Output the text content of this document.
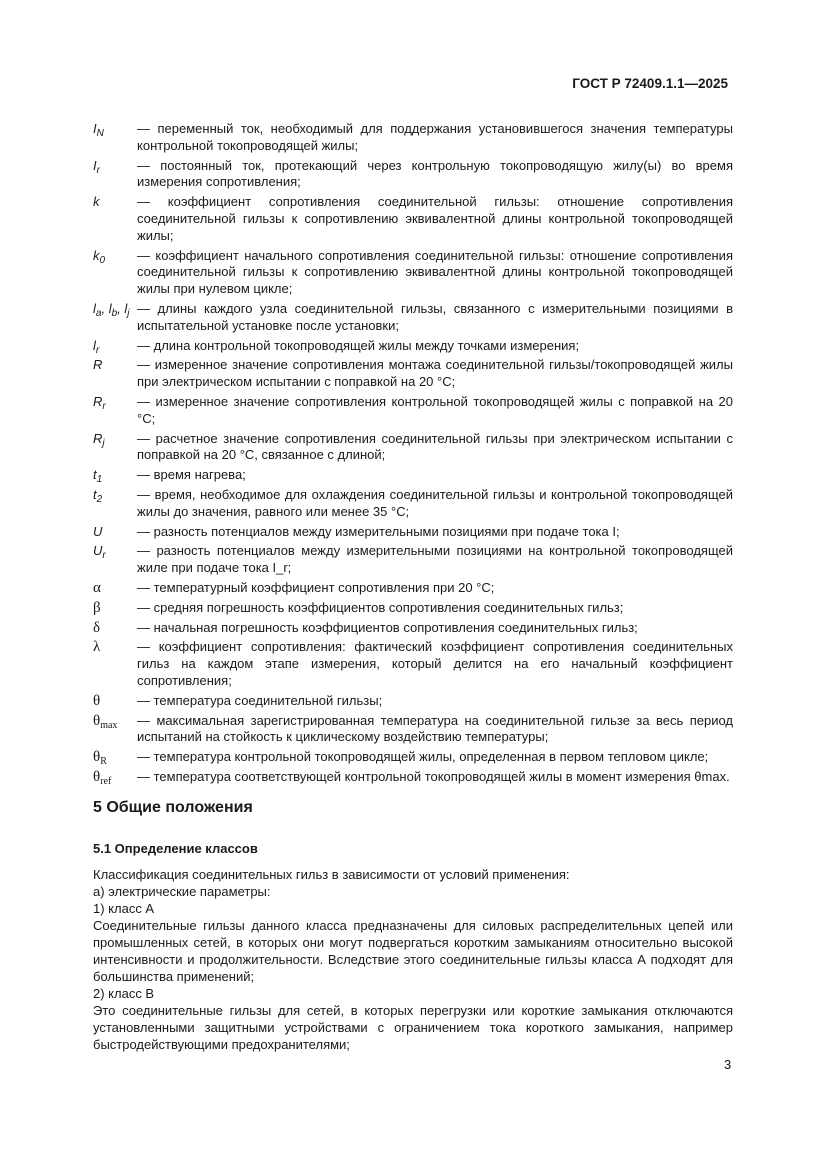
ГОСТ Р 72409.1.1—2025
$I_N$	— переменный ток, необходимый для поддержания установившегося значения температуры контрольной токопроводящей жилы;
$I_r$	— постоянный ток, протекающий через контрольную токопроводящую жилу(ы) во время измерения сопротивления;
k	— коэффициент сопротивления соединительной гильзы: отношение сопротивления соединительной гильзы к сопротивлению эквивалентной длины контрольной токопроводящей жилы;
$k_0$	— коэффициент начального сопротивления соединительной гильзы: отношение сопротивления соединительной гильзы к сопротивлению эквивалентной длины контрольной токопроводящей жилы при нулевом цикле;
$l_a$, $l_b$, $l_j$ — длины каждого узла соединительной гильзы, связанного с измерительными позициями в испытательной установке после установки;
$l_r$	— длина контрольной токопроводящей жилы между точками измерения;
R	— измеренное значение сопротивления монтажа соединительной гильзы/токопроводящей жилы при электрическом испытании с поправкой на 20 °С;
$R_r$	— измеренное значение сопротивления контрольной токопроводящей жилы с поправкой на 20 °С;
$R_j$	— расчетное значение сопротивления соединительной гильзы при электрическом испытании с поправкой на 20 °С, связанное с длиной;
$t_1$	— время нагрева;
$t_2$	— время, необходимое для охлаждения соединительной гильзы и контрольной токопроводящей жилы до значения, равного или менее 35 °С;
U	— разность потенциалов между измерительными позициями при подаче тока I;
$U_r$	— разность потенциалов между измерительными позициями на контрольной токопроводящей жиле при подаче тока I_r;
α	— температурный коэффициент сопротивления при 20 °С;
β	— средняя погрешность коэффициентов сопротивления соединительных гильз;
δ	— начальная погрешность коэффициентов сопротивления соединительных гильз;
λ	— коэффициент сопротивления: фактический коэффициент сопротивления соединительных гильз на каждом этапе измерения, который делится на его начальный коэффициент сопротивления;
θ	— температура соединительной гильзы;
$\theta_{max}$	— максимальная зарегистрированная температура на соединительной гильзе за весь период испытаний на стойкость к циклическому воздействию температуры;
$\theta_R$	— температура контрольной токопроводящей жилы, определенная в первом тепловом цикле;
$\theta_{ref}$	— температура соответствующей контрольной токопроводящей жилы в момент измерения θmax.
5 Общие положения
5.1 Определение классов

Классификация соединительных гильз в зависимости от условий применения:

а) электрические параметры:

1) класс А

Соединительные гильзы данного класса предназначены для силовых распределительных цепей или промышленных сетей, в которых они могут подвергаться коротким замыканиям относительно высокой интенсивности и продолжительности. Вследствие этого соединительные гильзы класса А подходят для большинства применений;

2) класс В

Это соединительные гильзы для сетей, в которых перегрузки или короткие замыкания отключаются установленными защитными устройствами с ограничением тока короткого замыкания, например быстродействующими предохранителями;

3
